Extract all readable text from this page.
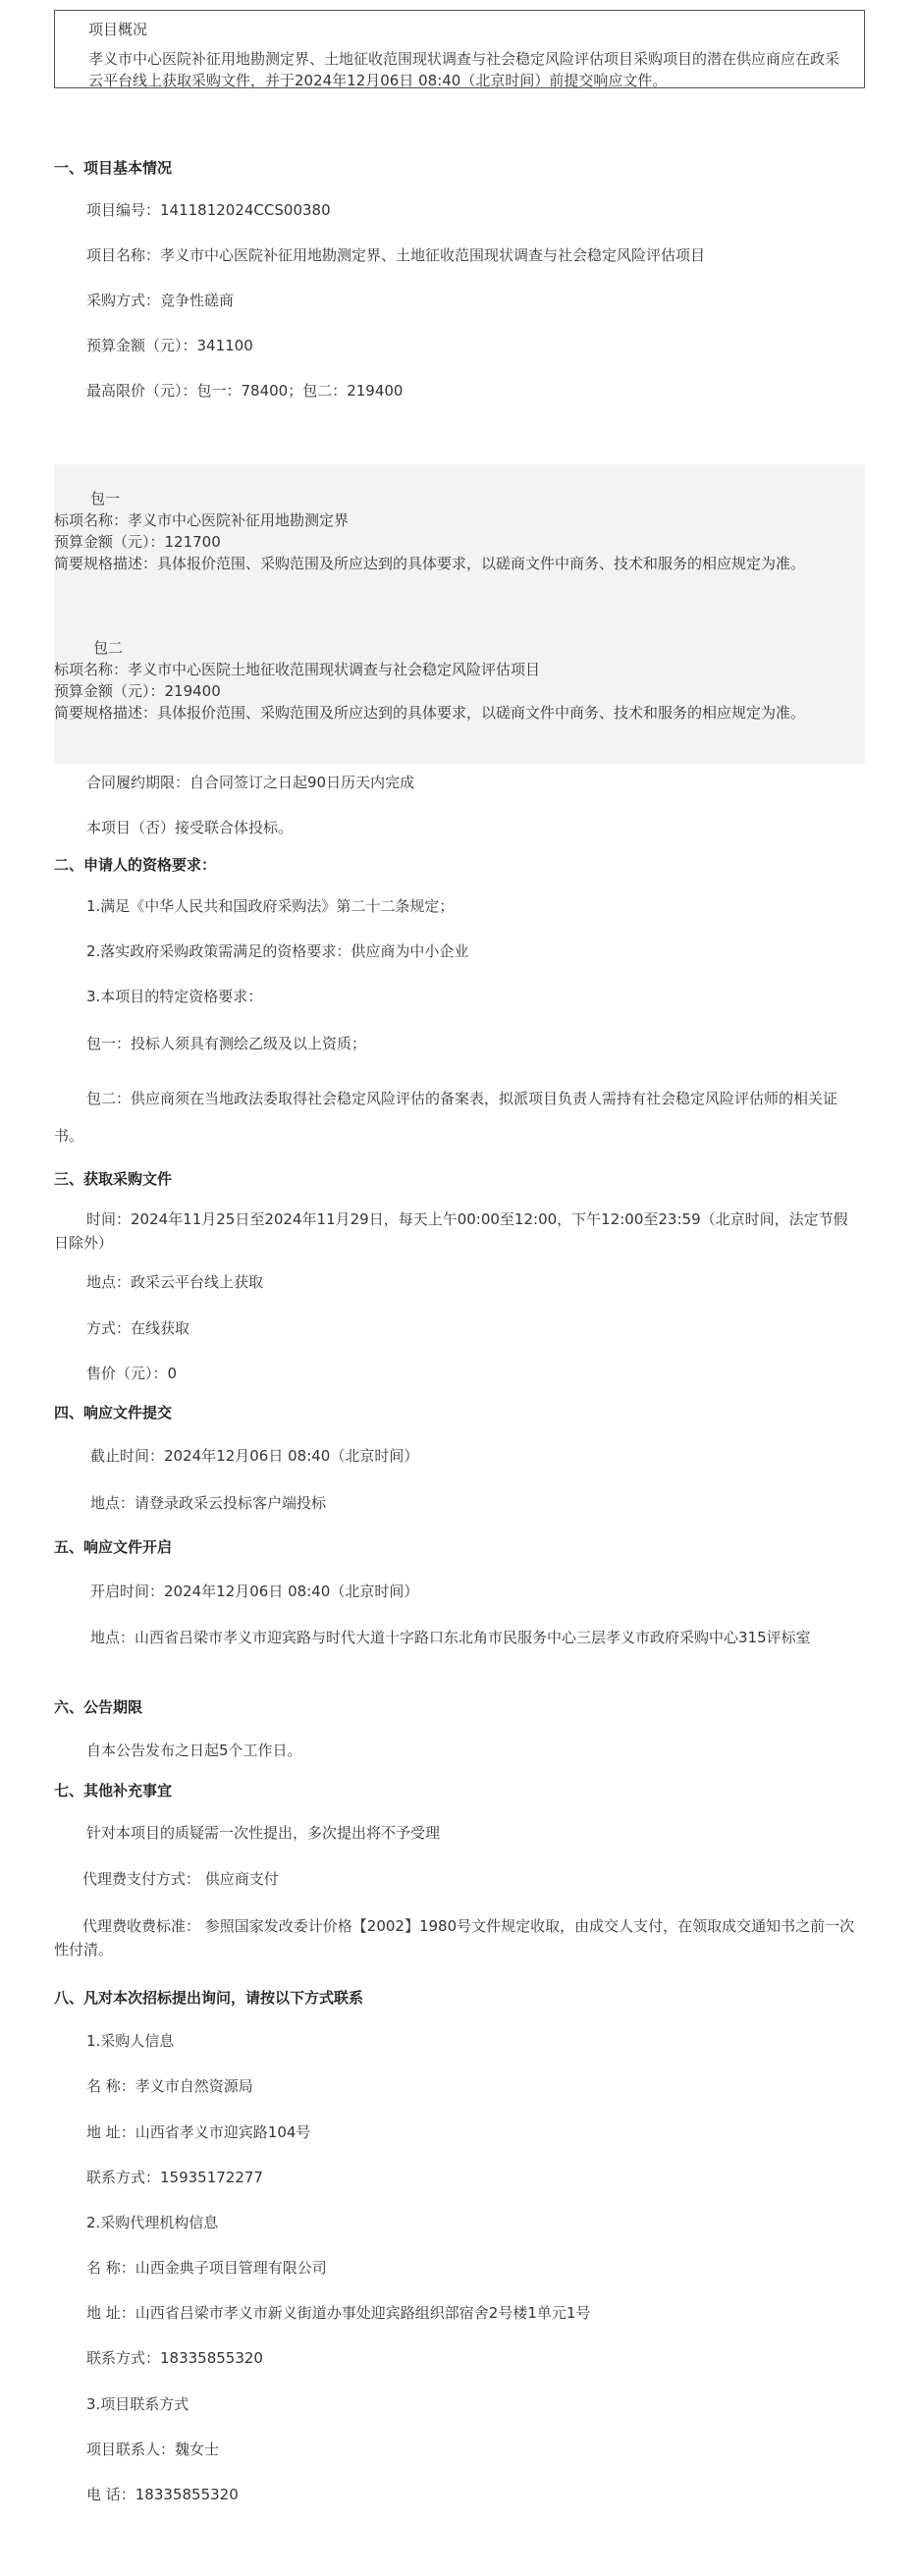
项目概况
孝义市中心医院补征用地勘测定界、土地征收范围现状调查与社会稳定风险评估项目采购项目的潜在供应商应在政采云平台线上获取采购文件，并于2024年12月06日 08:40（北京时间）前提交响应文件。
一、项目基本情况
项目编号：1411812024CCS00380
项目名称：孝义市中心医院补征用地勘测定界、土地征收范围现状调查与社会稳定风险评估项目
采购方式：竞争性磋商
预算金额（元）：341100
最高限价（元）：包一：78400；包二：219400
包一
标项名称：孝义市中心医院补征用地勘测定界
预算金额（元）：121700
简要规格描述：具体报价范围、采购范围及所应达到的具体要求，以磋商文件中商务、技术和服务的相应规定为准。
包二
标项名称：孝义市中心医院土地征收范围现状调查与社会稳定风险评估项目
预算金额（元）：219400
简要规格描述：具体报价范围、采购范围及所应达到的具体要求，以磋商文件中商务、技术和服务的相应规定为准。
合同履约期限：自合同签订之日起90日历天内完成
本项目（否）接受联合体投标。
二、申请人的资格要求：
1.满足《中华人民共和国政府采购法》第二十二条规定；
2.落实政府采购政策需满足的资格要求：供应商为中小企业
3.本项目的特定资格要求：
包一：投标人须具有测绘乙级及以上资质；
包二：供应商须在当地政法委取得社会稳定风险评估的备案表，拟派项目负责人需持有社会稳定风险评估师的相关证书。
三、获取采购文件
时间：2024年11月25日至2024年11月29日，每天上午00:00至12:00，下午12:00至23:59（北京时间，法定节假日除外）
地点：政采云平台线上获取
方式：在线获取
售价（元）：0
四、响应文件提交
截止时间：2024年12月06日 08:40（北京时间）
地点：请登录政采云投标客户端投标
五、响应文件开启
开启时间：2024年12月06日 08:40（北京时间）
地点：山西省吕梁市孝义市迎宾路与时代大道十字路口东北角市民服务中心三层孝义市政府采购中心315评标室
六、公告期限
自本公告发布之日起5个工作日。
七、其他补充事宜
针对本项目的质疑需一次性提出，多次提出将不予受理
代理费支付方式： 供应商支付
代理费收费标准： 参照国家发改委计价格【2002】1980号文件规定收取，由成交人支付，在领取成交通知书之前一次性付清。
八、凡对本次招标提出询问，请按以下方式联系
1.采购人信息
名 称：孝义市自然资源局
地 址：山西省孝义市迎宾路104号
联系方式：15935172277
2.采购代理机构信息
名 称：山西金典子项目管理有限公司
地 址：山西省吕梁市孝义市新义街道办事处迎宾路组织部宿舍2号楼1单元1号
联系方式：18335855320
3.项目联系方式
项目联系人：魏女士
电 话：18335855320
